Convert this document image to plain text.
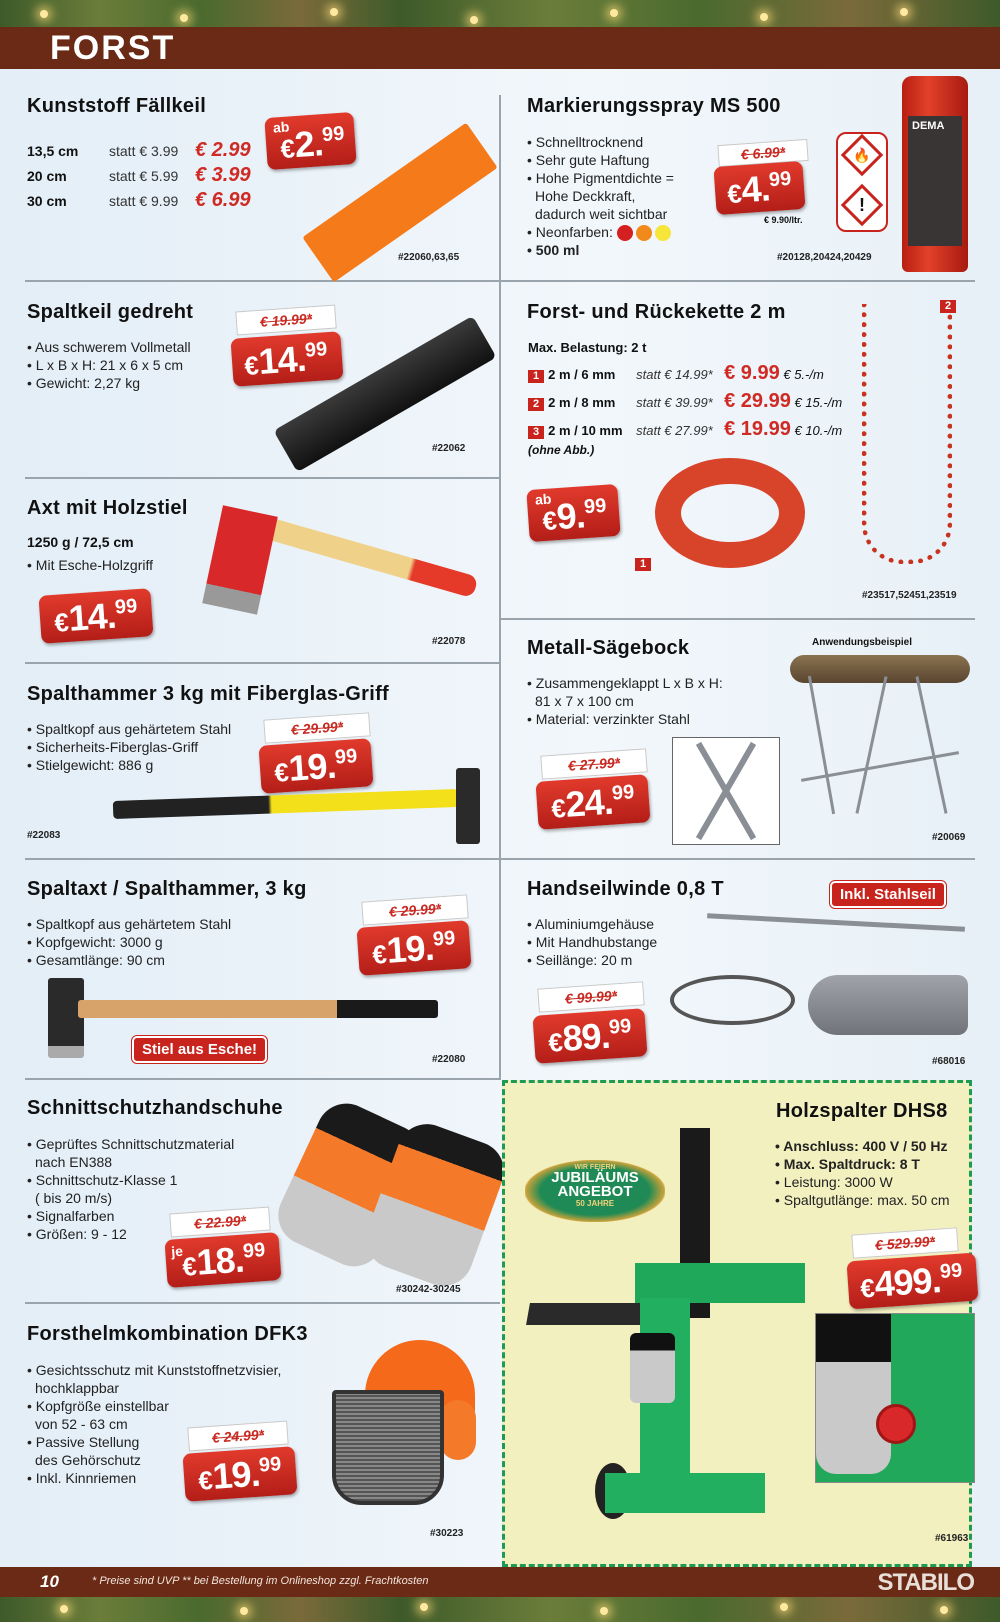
FORST
10	* Preise sind UVP ** bei Bestellung im Onlineshop zzgl. Frachtkosten	STABILO
Kunststoff Fällkeil
13,5 cm statt € 3.99 € 2.99
20 cm	statt € 5.99 € 3.99
30 cm	statt € 9.99 € 6.99
ab
€2.99
#22060,63,65
Markierungsspray MS 500
• Schnelltrocknend
• Sehr gute Haftung
• Hohe Pigmentdichte =
Hohe Deckkraft,
dadurch weit sichtbar
• Neonfarben:
• 500 ml
€ 6.99*
€4.99
€ 9.90/ltr.
🔥
!
DEMA
#20128,20424,20429
Spaltkeil gedreht
• Aus schwerem Vollmetall
• L x B x H: 21 x 6 x 5 cm
• Gewicht: 2,27 kg
€ 19.99*
€14.99
#22062
Forst- und Rückekette 2 m
Max. Belastung: 2 t
1 2 m / 6 mm statt € 14.99* € 9.99 € 5.-/m
2 2 m / 8 mm statt € 39.99* € 29.99 € 15.-/m
3 2 m / 10 mm statt € 27.99* € 19.99 € 10.-/m
(ohne Abb.)
ab
€9.99
1
2
#23517,52451,23519
Axt mit Holzstiel
1250 g / 72,5 cm
• Mit Esche-Holzgriff
€14.99
#22078	Metall-Sägebock
• Zusammengeklappt L x B x H:
81 x 7 x 100 cm
• Material: verzinkter Stahl
Anwendungsbeispiel
€ 27.99*
€24.99
#20069
Spalthammer 3 kg mit Fiberglas-Griff
• Spaltkopf aus gehärtetem Stahl
• Sicherheits-Fiberglas-Griff
• Stielgewicht: 886 g
€ 29.99*
€19.99
#22083
Spaltaxt / Spalthammer, 3 kg
• Spaltkopf aus gehärtetem Stahl
• Kopfgewicht: 3000 g
• Gesamtlänge: 90 cm
€ 29.99*
€19.99
Stiel aus Esche!
#22080
Handseilwinde 0,8 T	Inkl. Stahlseil
• Aluminiumgehäuse
• Mit Handhubstange
• Seillänge: 20 m
€ 99.99*
€89.99
#68016
Schnittschutzhandschuhe
• Geprüftes Schnittschutzmaterial
nach EN388
• Schnittschutz-Klasse 1
( bis 20 m/s)
• Signalfarben
• Größen: 9 - 12
€ 22.99*
je
€18.99
#30242-30245
Forsthelmkombination DFK3
• Gesichtsschutz mit Kunststoffnetzvisier,
hochklappbar
• Kopfgröße einstellbar
von 52 - 63 cm
• Passive Stellung
des Gehörschutz
• Inkl. Kinnriemen
€ 24.99*
€19.99
#30223
Holzspalter DHS8
• Anschluss: 400 V / 50 Hz
• Max. Spaltdruck: 8 T
• Leistung: 3000 W
• Spaltgutlänge: max. 50 cm
WIR FEIERN
JUBILÄUMS
ANGEBOT
50 JAHRE
€ 529.99*
€499.99
#61963
